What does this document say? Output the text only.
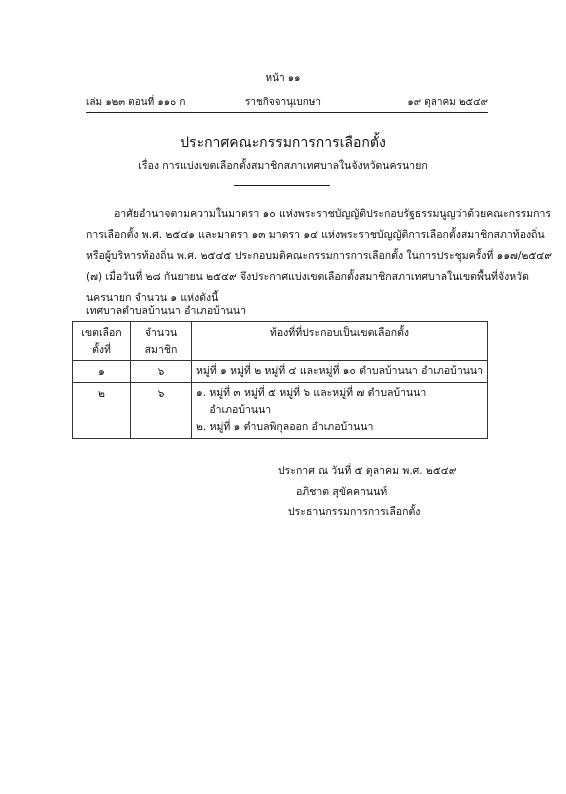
หน้า ๑๑
เล่ม ๑๒๓ ตอนที่ ๑๑๐ ก	ราชกิจจานุเบกษา	๑๙ ตุลาคม ๒๕๔๙
ประกาศคณะกรรมการการเลือกตั้ง
เรื่อง การแบ่งเขตเลือกตั้งสมาชิกสภาเทศบาลในจังหวัดนครนายก
อาศัยอำนาจตามความในมาตรา ๑๐ แห่งพระราชบัญญัติประกอบรัฐธรรมนูญว่าด้วยคณะกรรมการ
การเลือกตั้ง พ.ศ. ๒๕๔๑ และมาตรา ๑๓ มาตรา ๑๔ แห่งพระราชบัญญัติการเลือกตั้งสมาชิกสภาท้องถิ่น
หรือผู้บริหารท้องถิ่น พ.ศ. ๒๕๔๕ ประกอบมติคณะกรรมการการเลือกตั้ง ในการประชุมครั้งที่ ๑๑๗/๒๕๔๙
(๗) เมื่อวันที่ ๒๘ กันยายน ๒๕๔๙ จึงประกาศแบ่งเขตเลือกตั้งสมาชิกสภาเทศบาลในเขตพื้นที่จังหวัด
นครนายก จำนวน ๑ แห่งดังนี้
เทศบาลตำบลบ้านนา อำเภอบ้านนา
เขตเลือกตั้งที่	จำนวนสมาชิก	ท้องที่ที่ประกอบเป็นเขตเลือกตั้ง
๑	๖	หมู่ที่ ๑ หมู่ที่ ๒ หมู่ที่ ๔ และหมู่ที่ ๑๐ ตำบลบ้านนา อำเภอบ้านนา

๒	๖	๑. หมู่ที่ ๓ หมู่ที่ ๕ หมู่ที่ ๖ และหมู่ที่ ๗ ตำบลบ้านนา
อำเภอบ้านนา
๒. หมู่ที่ ๑ ตำบลพิกุลออก อำเภอบ้านนา
ประกาศ ณ วันที่ ๕ ตุลาคม พ.ศ. ๒๕๔๙
อภิชาต สุขัคคานนท์
ประธานกรรมการการเลือกตั้ง
